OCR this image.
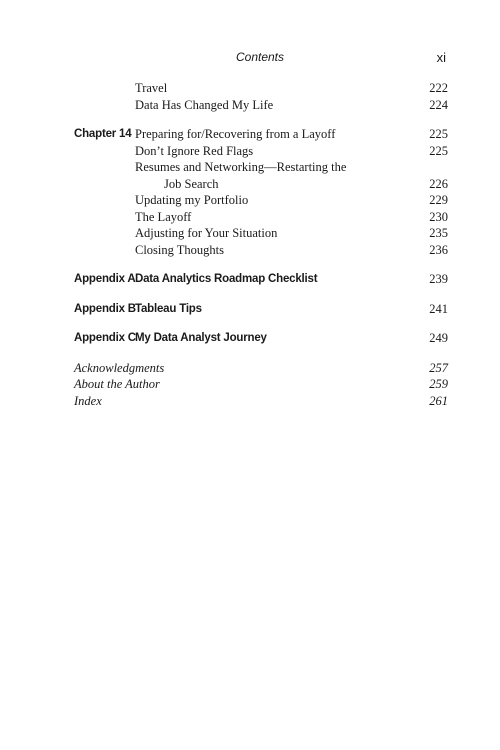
Contents	xi
Travel	222
Data Has Changed My Life	224
Chapter 14 Preparing for/Recovering from a Layoff	225
Don’t Ignore Red Flags	225
Resumes and Networking—Restarting the
Job Search	226
Updating my Portfolio	229
The Layoff	230
Adjusting for Your Situation	235
Closing Thoughts	236
Appendix A Data Analytics Roadmap Checklist	239
Appendix B Tableau Tips	241
Appendix C My Data Analyst Journey	249
Acknowledgments	257
About the Author	259
Index	261
